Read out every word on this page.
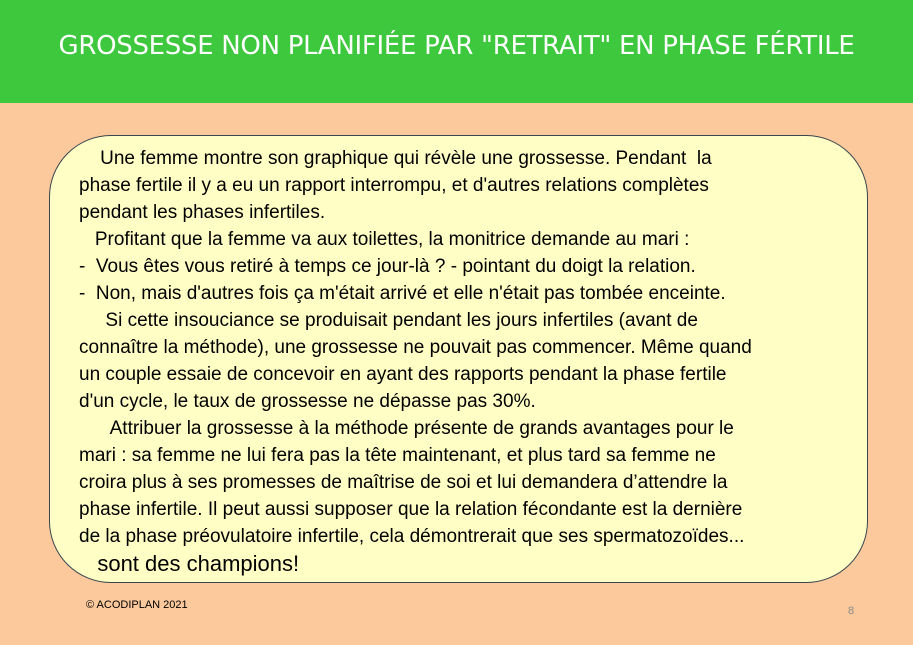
GROSSESSE NON PLANIFIÉE PAR "RETRAIT" EN PHASE FÉRTILE
Une femme montre son graphique qui révèle une grossesse. Pendant  la
phase fertile il y a eu un rapport interrompu, et d'autres relations complètes
pendant les phases infertiles.
Profitant que la femme va aux toilettes, la monitrice demande au mari :
-  Vous êtes vous retiré à temps ce jour-là ? - pointant du doigt la relation.
-  Non, mais d'autres fois ça m'était arrivé et elle n'était pas tombée enceinte.
Si cette insouciance se produisait pendant les jours infertiles (avant de
connaître la méthode), une grossesse ne pouvait pas commencer. Même quand
un couple essaie de concevoir en ayant des rapports pendant la phase fertile
d'un cycle, le taux de grossesse ne dépasse pas 30%.
Attribuer la grossesse à la méthode présente de grands avantages pour le
mari : sa femme ne lui fera pas la tête maintenant, et plus tard sa femme ne
croira plus à ses promesses de maîtrise de soi et lui demandera d’attendre la
phase infertile. Il peut aussi supposer que la relation fécondante est la dernière
de la phase préovulatoire infertile, cela démontrerait que ses spermatozoïdes...
sont des champions!
© ACODIPLAN 2021	8
